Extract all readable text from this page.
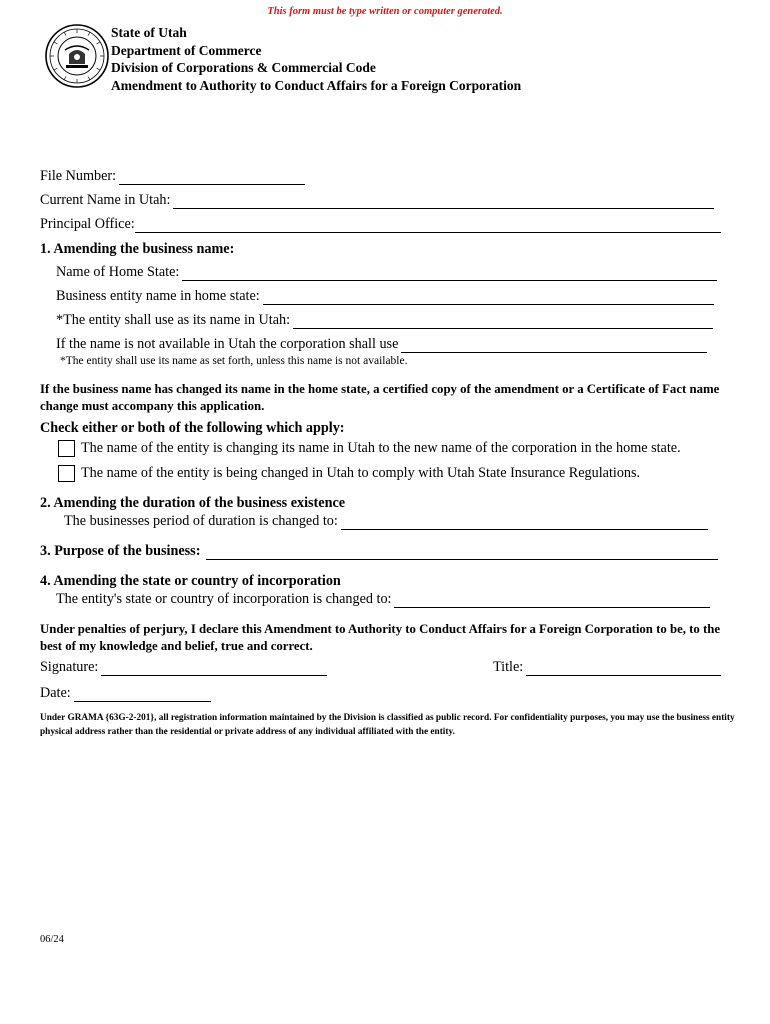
This form must be type written or computer generated.
State of Utah
Department of Commerce
Division of Corporations & Commercial Code
Amendment to Authority to Conduct Affairs for a Foreign Corporation
File Number:
Current Name in Utah:
Principal Office:
1. Amending the business name:
Name of Home State:
Business entity name in home state:
*The entity shall use as its name in Utah:
If the name is not available in Utah the corporation shall use
*The entity shall use its name as set forth, unless this name is not available.
If the business name has changed its name in the home state, a certified copy of the amendment or a Certificate of Fact name change must accompany this application.
Check either or both of the following which apply:
The name of the entity is changing its name in Utah to the new name of the corporation in the home state.
The name of the entity is being changed in Utah to comply with Utah State Insurance Regulations.
2. Amending the duration of the business existence
The businesses period of duration is changed to:
3. Purpose of the business:
4. Amending the state or country of incorporation
The entity's state or country of incorporation is changed to:
Under penalties of perjury, I declare this Amendment to Authority to Conduct Affairs for a Foreign Corporation to be, to the best of my knowledge and belief, true and correct.
Signature:	Title:
Date:
Under GRAMA {63G-2-201}, all registration information maintained by the Division is classified as public record. For confidentiality purposes, you may use the business entity physical address rather than the residential or private address of any individual affiliated with the entity.
06/24
